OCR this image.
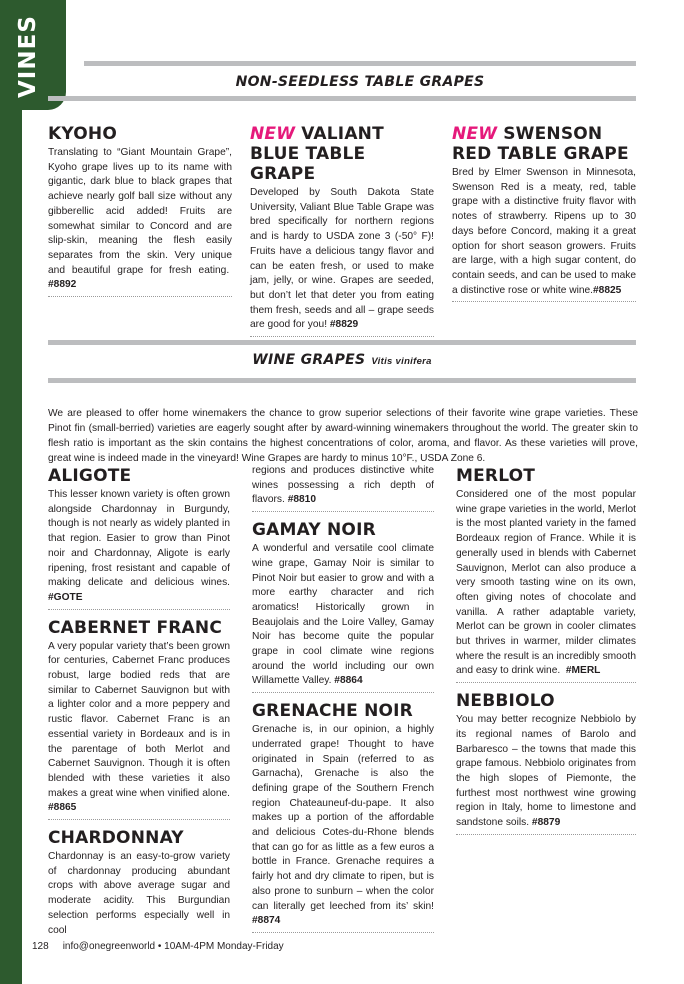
VINES	NON-SEEDLESS TABLE GRAPES
KYOHO

Translating to “Giant Mountain Grape”, Kyoho grape lives up to its name with gigantic, dark blue to black grapes that achieve nearly golf ball size without any gibberellic acid added! Fruits are somewhat similar to Concord and are slip-skin, meaning the flesh easily separates from the skin. Very unique and beautiful grape for fresh eating.  #8892

NEW VALIANT BLUE TABLE GRAPE

Developed by South Dakota State University, Valiant Blue Table Grape was bred specifically for northern regions and is hardy to USDA zone 3 (-50° F)! Fruits have a delicious tangy flavor and can be eaten fresh, or used to make jam, jelly, or wine. Grapes are seeded, but don’t let that deter you from eating them fresh, seeds and all – grape seeds are good for you! #8829

NEW SWENSON RED TABLE GRAPE

Bred by Elmer Swenson in Minnesota, Swenson Red is a meaty, red, table grape with a distinctive fruity flavor with notes of strawberry. Ripens up to 30 days before Concord, making it a great option for short season growers. Fruits are large, with a high sugar content, do contain seeds, and can be used to make a distinctive rose or white wine.#8825

WINE GRAPES Vitis vinifera

We are pleased to offer home winemakers the chance to grow superior selections of their favorite wine grape varieties. These Pinot fin (small-berried) varieties are eagerly sought after by award-winning winemakers throughout the world. The greater skin to flesh ratio is important as the skin contains the highest concentrations of color, aroma, and flavor. As these varieties will prove, great wine is indeed made in the vineyard! Wine Grapes are hardy to minus 10°F., USDA Zone 6.

ALIGOTE

This lesser known variety is often grown alongside Chardonnay in Burgundy, though is not nearly as widely planted in that region. Easier to grow than Pinot noir and Chardonnay, Aligote is early ripening, frost resistant and capable of making delicate and delicious wines. #GOTE

CABERNET FRANC

A very popular variety that’s been grown for centuries, Cabernet Franc produces robust, large bodied reds that are similar to Cabernet Sauvignon but with a lighter color and a more peppery and rustic flavor. Cabernet Franc is an essential variety in Bordeaux and is in the parentage of both Merlot and Cabernet Sauvignon. Though it is often blended with these varieties it also makes a great wine when vinified alone. #8865

CHARDONNAY

Chardonnay is an easy-to-grow variety of chardonnay producing abundant crops with above average sugar and moderate acidity. This Burgundian selection performs especially well in cool

regions and produces distinctive white wines possessing a rich depth of flavors. #8810

GAMAY NOIR

A wonderful and versatile cool climate wine grape, Gamay Noir is similar to Pinot Noir but easier to grow and with a more earthy character and rich aromatics! Historically grown in Beaujolais and the Loire Valley, Gamay Noir has become quite the popular grape in cool climate wine regions around the world including our own Willamette Valley. #8864

GRENACHE NOIR

Grenache is, in our opinion, a highly underrated grape! Thought to have originated in Spain (referred to as Garnacha), Grenache is also the defining grape of the Southern French region Chateauneuf-du-pape. It also makes up a portion of the affordable and delicious Cotes-du-Rhone blends that can go for as little as a few euros a bottle in France. Grenache requires a fairly hot and dry climate to ripen, but is also prone to sunburn – when the color can literally get leeched from its’ skin! #8874

MERLOT

Considered one of the most popular wine grape varieties in the world, Merlot is the most planted variety in the famed Bordeaux region of France. While it is generally used in blends with Cabernet Sauvignon, Merlot can also produce a very smooth tasting wine on its own, often giving notes of chocolate and vanilla. A rather adaptable variety, Merlot can be grown in cooler climates but thrives in warmer, milder climates where the result is an incredibly smooth and easy to drink wine. #MERL

NEBBIOLO

You may better recognize Nebbiolo by its regional names of Barolo and Barbaresco – the towns that made this grape famous. Nebbiolo originates from the high slopes of Piemonte, the furthest most northwest wine growing region in Italy, home to limestone and sandstone soils. #8879

128 info@onegreenworld • 10AM-4PM Monday-Friday
